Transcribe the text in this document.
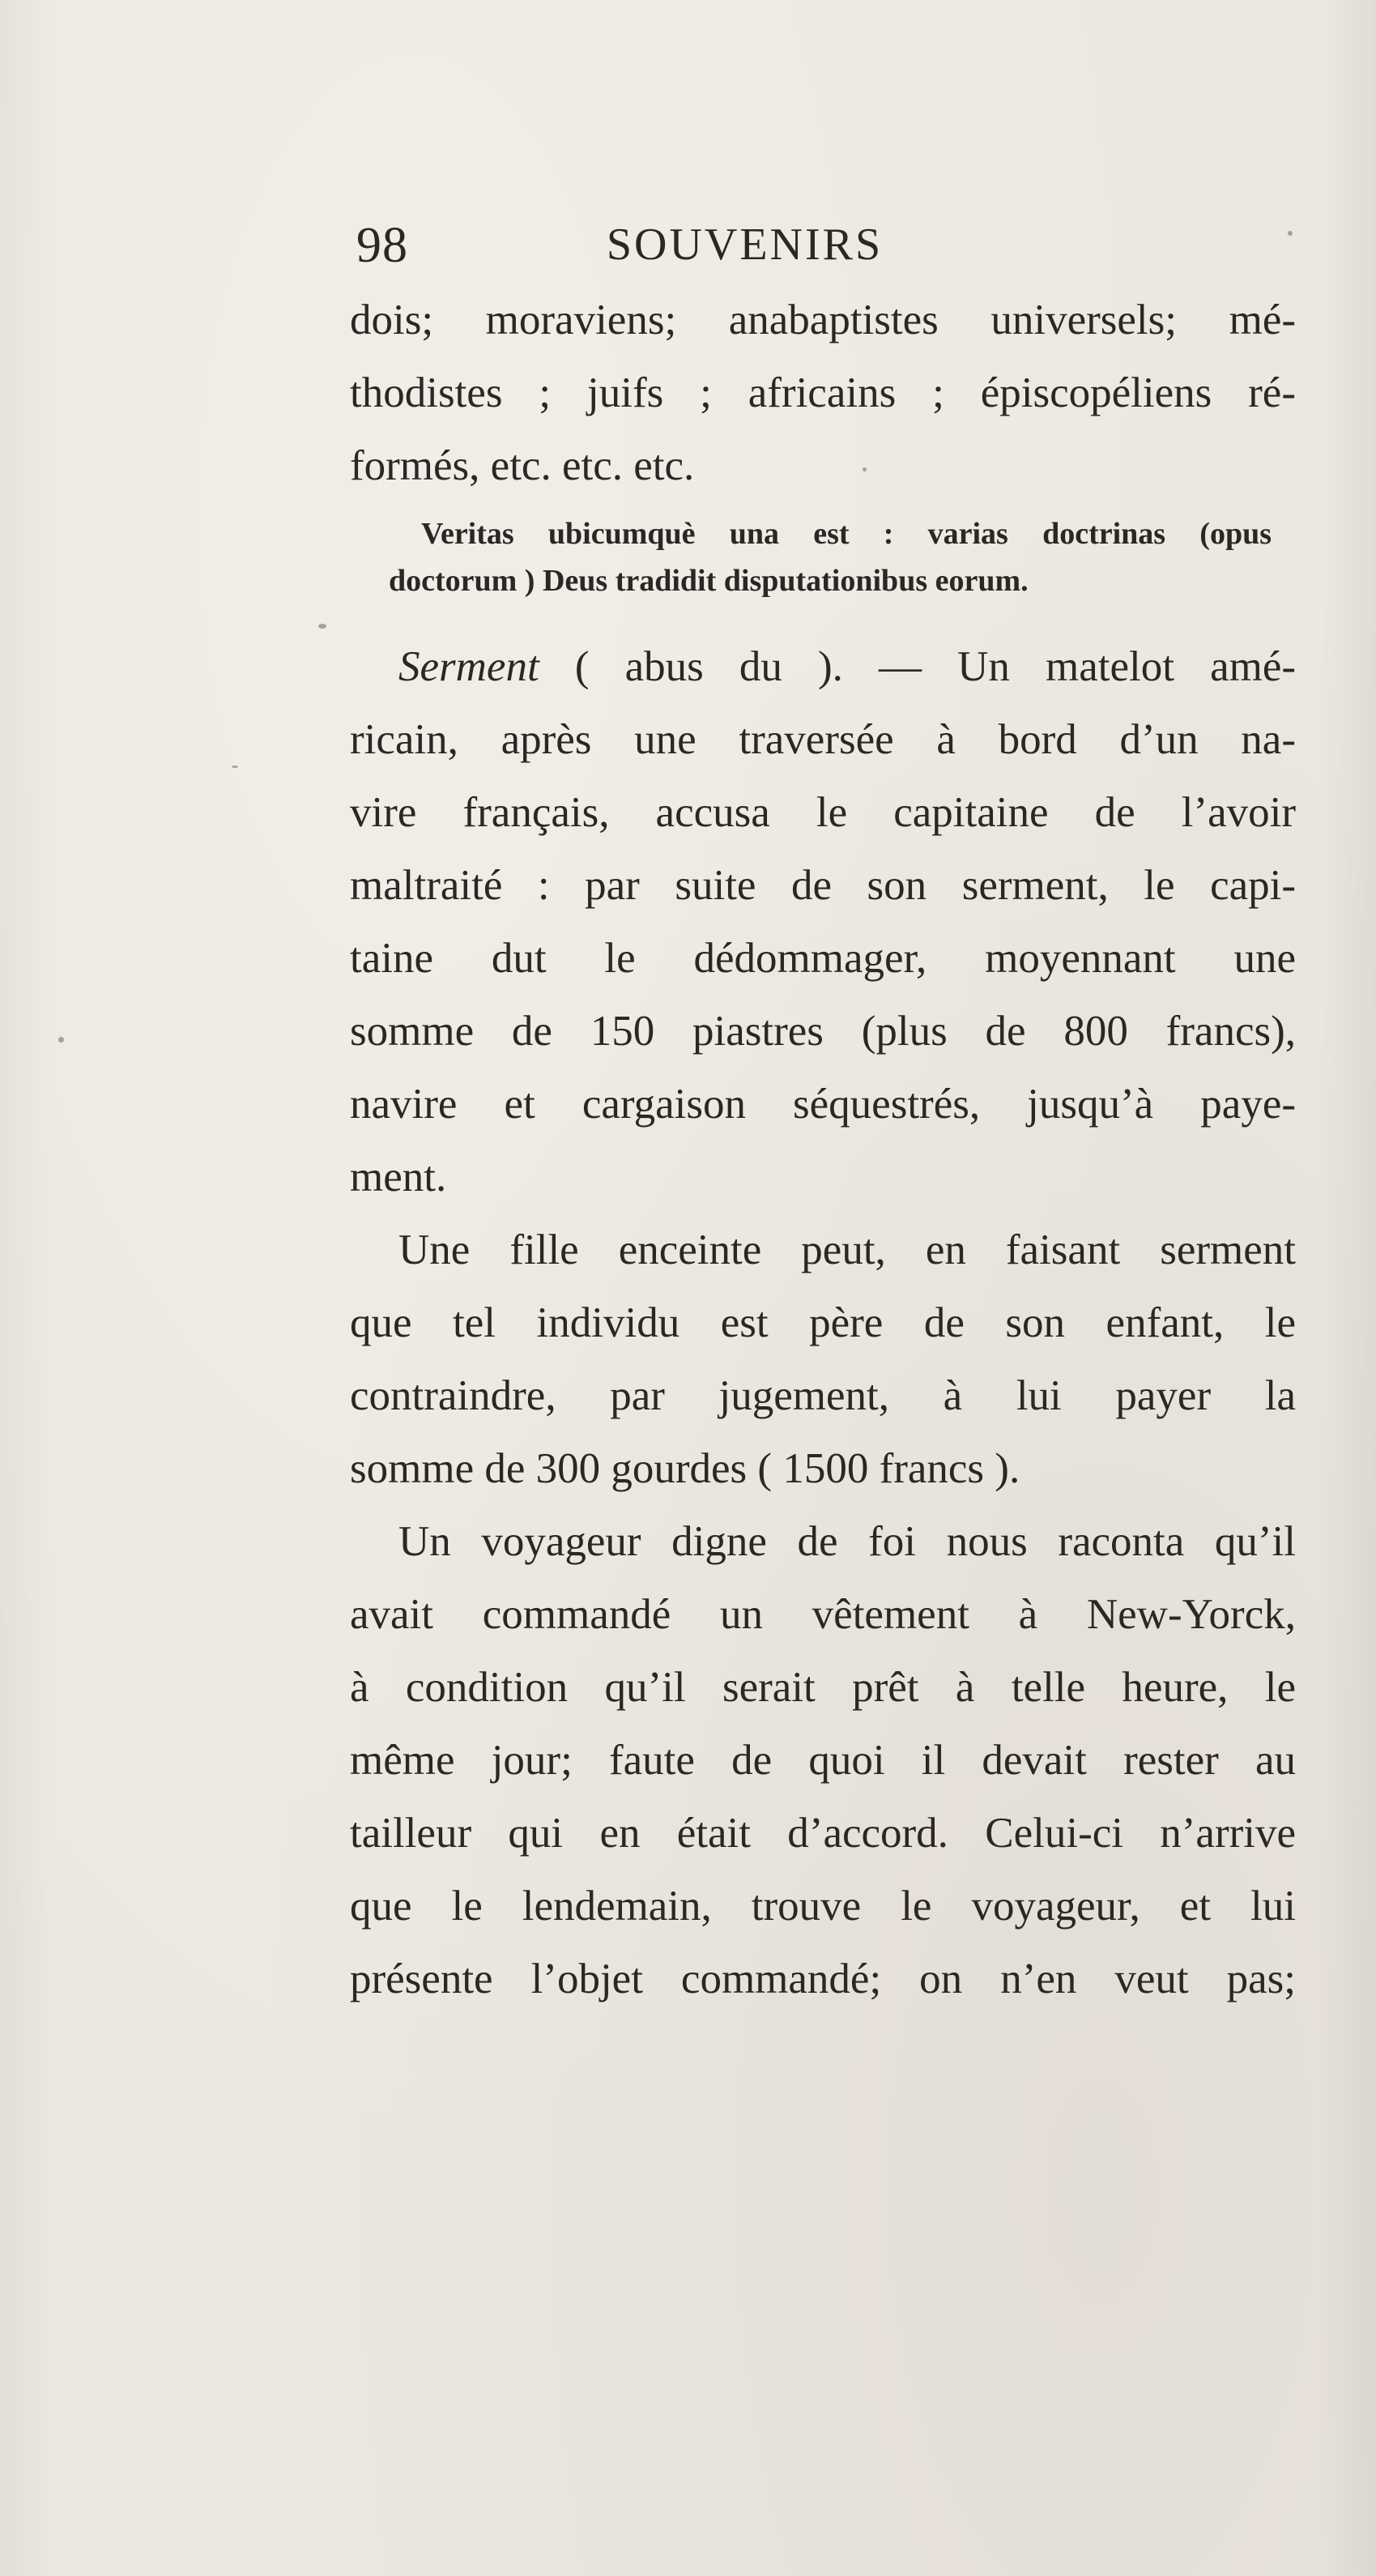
98	SOUVENIRS
dois; moraviens; anabaptistes universels; mé-
thodistes ; juifs ; africains ; épiscopéliens ré-
formés, etc. etc. etc.
Veritas ubicumquè una est : varias doctrinas (opus
doctorum ) Deus tradidit disputationibus eorum.
Serment ( abus du ). — Un matelot amé-
ricain, après une traversée à bord d’un na-
vire français, accusa le capitaine de l’avoir
maltraité : par suite de son serment, le capi-
taine dut le dédommager, moyennant une
somme de 150 piastres (plus de 800 francs),
navire et cargaison séquestrés, jusqu’à paye-
ment.
Une fille enceinte peut, en faisant serment
que tel individu est père de son enfant, le
contraindre, par jugement, à lui payer la
somme de 300 gourdes ( 1500 francs ).
Un voyageur digne de foi nous raconta qu’il
avait commandé un vêtement à New-Yorck,
à condition qu’il serait prêt à telle heure, le
même jour; faute de quoi il devait rester au
tailleur qui en était d’accord. Celui-ci n’arrive
que le lendemain, trouve le voyageur, et lui
présente l’objet commandé; on n’en veut pas;
